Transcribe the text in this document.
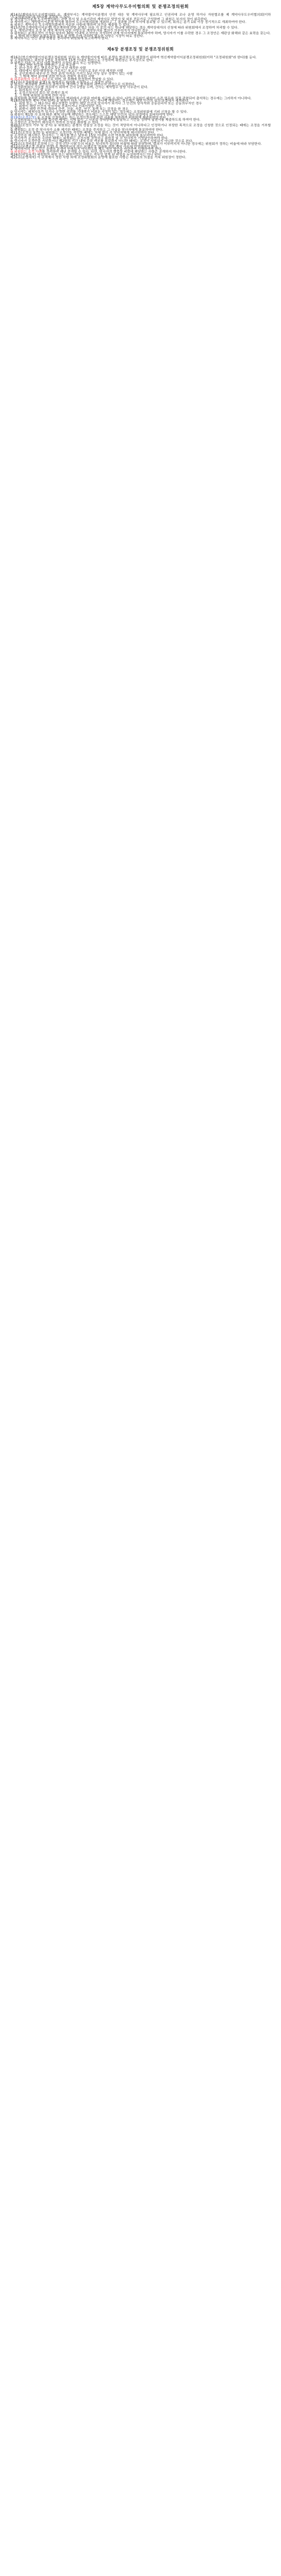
제5장 계약사무도우미협의회 및 분쟁조정의원회
제14조(계약사무도우미협의회) ① 계약부서는 계약불이익분쟁의 안전 대응 및 계약사무에 필요하고 인권리에 조나 운영 하거나 자원협조를 제 계약사무도우미협의회(이하 "도우미협의회"라 한다)를 설치할 수 있다.
② 계약불이익분쟁 도우미협의회는 관련 부서 및 소속기관의 계약사무 담당자 및 외부 전문가로 구성하며 그 위원은 부서의 장이 위촉한다.
③ 계약부서는 계약불이익분쟁 방지를 위하여 도우미협의회를 개최하고 그 결과를 관계 부서에 통보할 수 있으며, 회의는 분기 1회 이상 정기적으로 개최하여야 한다.
④ 위원은 계약사무 도우미협의회에서 자문한 사항에 대하여 의견을 제출할 수 있다.
제15조(혁신계약불이익분쟁) 혁신계약에 관한 분쟁은 다음 각 호의 어느 하나에 해당하는 경우 계약상대자의 신청에 따라 위원회에서 조정하여 처리할 수 있다.
② 1. 계약금액의 조정 및 계약 해지에 관한 사항으로 계약부서와 협의가 이루어지지 아니한 경우
③ 위원회는 분쟁조정이 신청된 날부터 30일 이내에 조정안을 작성하여 관계 당사자에게 통보하여야 하며, 당사자가 이를 수락한 경우 그 조정안은 재판상 화해와 같은 효력을 갖는다.
④ 그 밖에 혁신계약 분쟁조정의 절차 및 방법 등에 관하여 필요한 사항은 시장이 따로 정한다.
⑤ 계약부서는 연간 분쟁 현황을 정리하여 위원회에 보고하여야 한다.
제6장 분쟁조정 및 분쟁조정위원회
제16조(혁신계약불이익분쟁조정위원회 설치) ① 계약불이익에 따른 분쟁을 합리적으로 해결하기 위하여 혁신계약불이익분쟁조정위원회(이하 "조정위원회"라 한다)를 둔다.
② 조정위원회는 위원장 1명을 포함하여 15명 이내의 위원으로 구성하며 위원장은 부시장으로 한다.
③ 위원은 다음 각 호의 사람 중에서 시장이 위촉 또는 임명한다.
1. 계약 관련 업무를 담당하는 소속 공무원
2. 판사·검사 또는 변호사로 5년 이상 재직한 사람
3. 대학에서 법학·행정학을 가르치는 부교수 이상으로 5년 이상 재직한 사람
4. 공인회계사·세무사 등 관련 분야 자격을 가지고 5년 이상 실무 경력이 있는 사람
5. 그 밖에 계약 분야에 관한 학식과 경험이 풍부한 사람
④ 위촉위원의 임기는 2년으로 하며, 한 차례에 한정하여 연임할 수 있다.
제17조(조정위원회 운영) ① 위원장은 회의를 소집하고 그 의장이 된다.
② 회의는 재적위원 과반수의 출석으로 개의하고 출석위원 과반수의 찬성으로 의결한다.
③ 조정위원회의 사무를 처리하기 위하여 간사 1명을 두며, 간사는 계약업무 담당 사무관이 된다.
1. 회의록의 작성 및 보관
2. 조정신청서의 접수 및 관계인 통지
3. 그 밖에 위원회 운영에 관한 사무
④ 위원회에 출석한 위원에게는 예산의 범위에서 수당과 여비를 지급할 수 있다. 다만 공무원인 위원이 소관 업무와 직접 관련되어 출석하는 경우에는 그러하지 아니하다.
제18조(위원의 제척·기피·회피) ① 위원이 다음 각 호의 어느 하나에 해당하는 경우에는 해당 안건의 심의·의결에서 제척된다.
1. 위원 또는 그 배우자나 배우자였던 사람이 해당 안건의 당사자가 되거나 그 안건의 당사자와 공동권리자 또는 공동의무자인 경우
2. 위원이 해당 안건의 당사자와 친족이거나 친족이었던 경우
3. 위원이 해당 안건에 대하여 증언, 진술, 자문, 연구, 용역 또는 감정을 한 경우
② 당사자는 제척사유가 있거나 공정한 심의를 기대하기 어려운 사정이 있는 경우에는 조정위원회에 기피 신청을 할 수 있다.
③ 위원이 제1항 각 호에 따른 제척 사유에 해당하는 경우에는 스스로 해당 안건의 심의·의결에서 회피하여야 한다.
제19조(조정신청) ① 조정을 신청하려는 자는 조정신청서에 관련 서류를 첨부하여 위원회에 제출하여야 한다.
② 조정위원회는 신청서를 접수한 때에는 지체 없이 그 사본을 상대방에게 송달하고 기간을 정하여 답변서를 제출하도록 하여야 한다.
③ 신청인은 조정안이 제시되기 전까지 신청을 취하할 수 있다.
제20조(조정의 거부 및 중지) ① 위원회는 분쟁의 성질상 조정을 하는 것이 적당하지 아니하다고 인정하거나 부당한 목적으로 조정을 신청한 것으로 인정되는 때에는 조정을 거부할 수 있다.
② 위원회는 조정 중 당사자가 소를 제기한 때에는 조정을 중지하고 그 사실을 당사자에게 통보하여야 한다.
제21조(조정의 효력) ① 위원회는 조정안을 작성한 때에는 지체 없이 각 당사자에게 제시하여야 한다.
② 조정안을 제시받은 당사자는 그 제시를 받은 날부터 15일 이내에 수락 여부를 위원회에 통보하여야 한다.
③ 당사자가 조정안을 수락한 때에는 위원회는 조정서를 작성하고 위원장 및 각 당사자가 기명날인하여야 한다.
④ 당사자가 조정안을 거부하거나 제2항의 기간 내에 수락 여부를 통보하지 아니한 때에는 조정이 성립되지 아니한 것으로 본다.
제22조(조정비용) 조정에 드는 감정·진단·시험 등의 비용은 당사자가 합의한 비율에 따라 부담하며, 합의가 이루어지지 아니한 경우에는 위원회가 정하는 비율에 따라 부담한다.
제23조(분쟁조정 결과의 반영) ① 계약부서의 장은 분쟁조정 결과를 관련 계약 사무에 반영하여야 한다.
② 계약부서의 장은 같은 유형의 분쟁이 반복되지 아니하도록 제도 개선 방안을 마련하여 시행하여야 한다.
③ 위원회는 조정 사례를 정리하여 매년 공개할 수 있다. 다만, 당사자의 영업상 비밀에 해당하는 사항은 공개하지 아니한다.
제24조(비밀유지) 위원회의 위원 또는 위원이었던 사람은 직무상 알게 된 비밀을 누설하여서는 아니 된다.
제25조(운영세칙) 이 규칙에서 정한 사항 외에 조정위원회의 운영에 필요한 사항은 위원회의 의결을 거쳐 위원장이 정한다.
